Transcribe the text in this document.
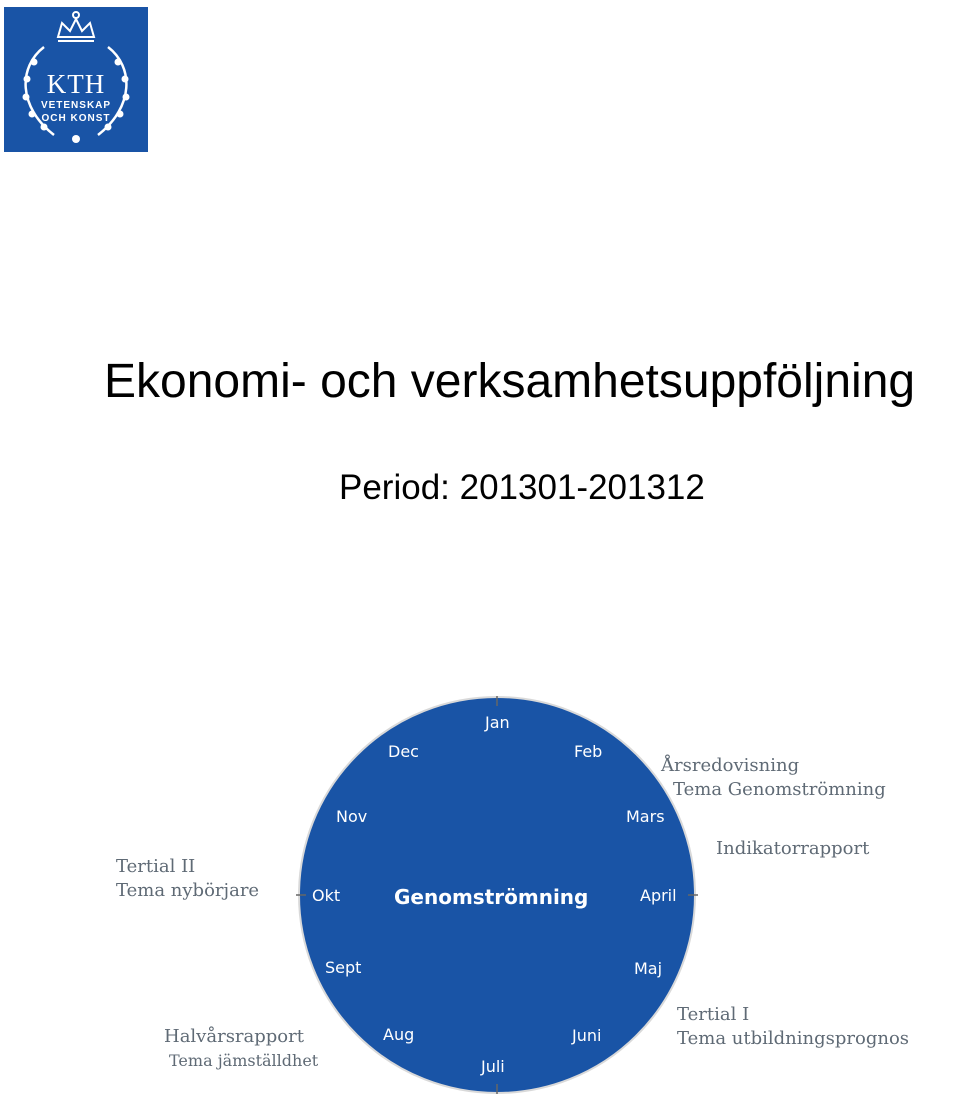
KTH
VETENSKAP
OCH KONST
Ekonomi- och verksamhetsuppföljning
Period: 201301-201312
Jan
Feb
Mars
April
Maj
Juni
Juli
Aug
Sept
Okt
Nov
Dec
Genomströmning
Årsredovisning
Tema Genomströmning
Indikatorrapport
Tertial I
Tema utbildningsprognos
Tertial II
Tema nybörjare
Halvårsrapport
Tema jämställdhet
